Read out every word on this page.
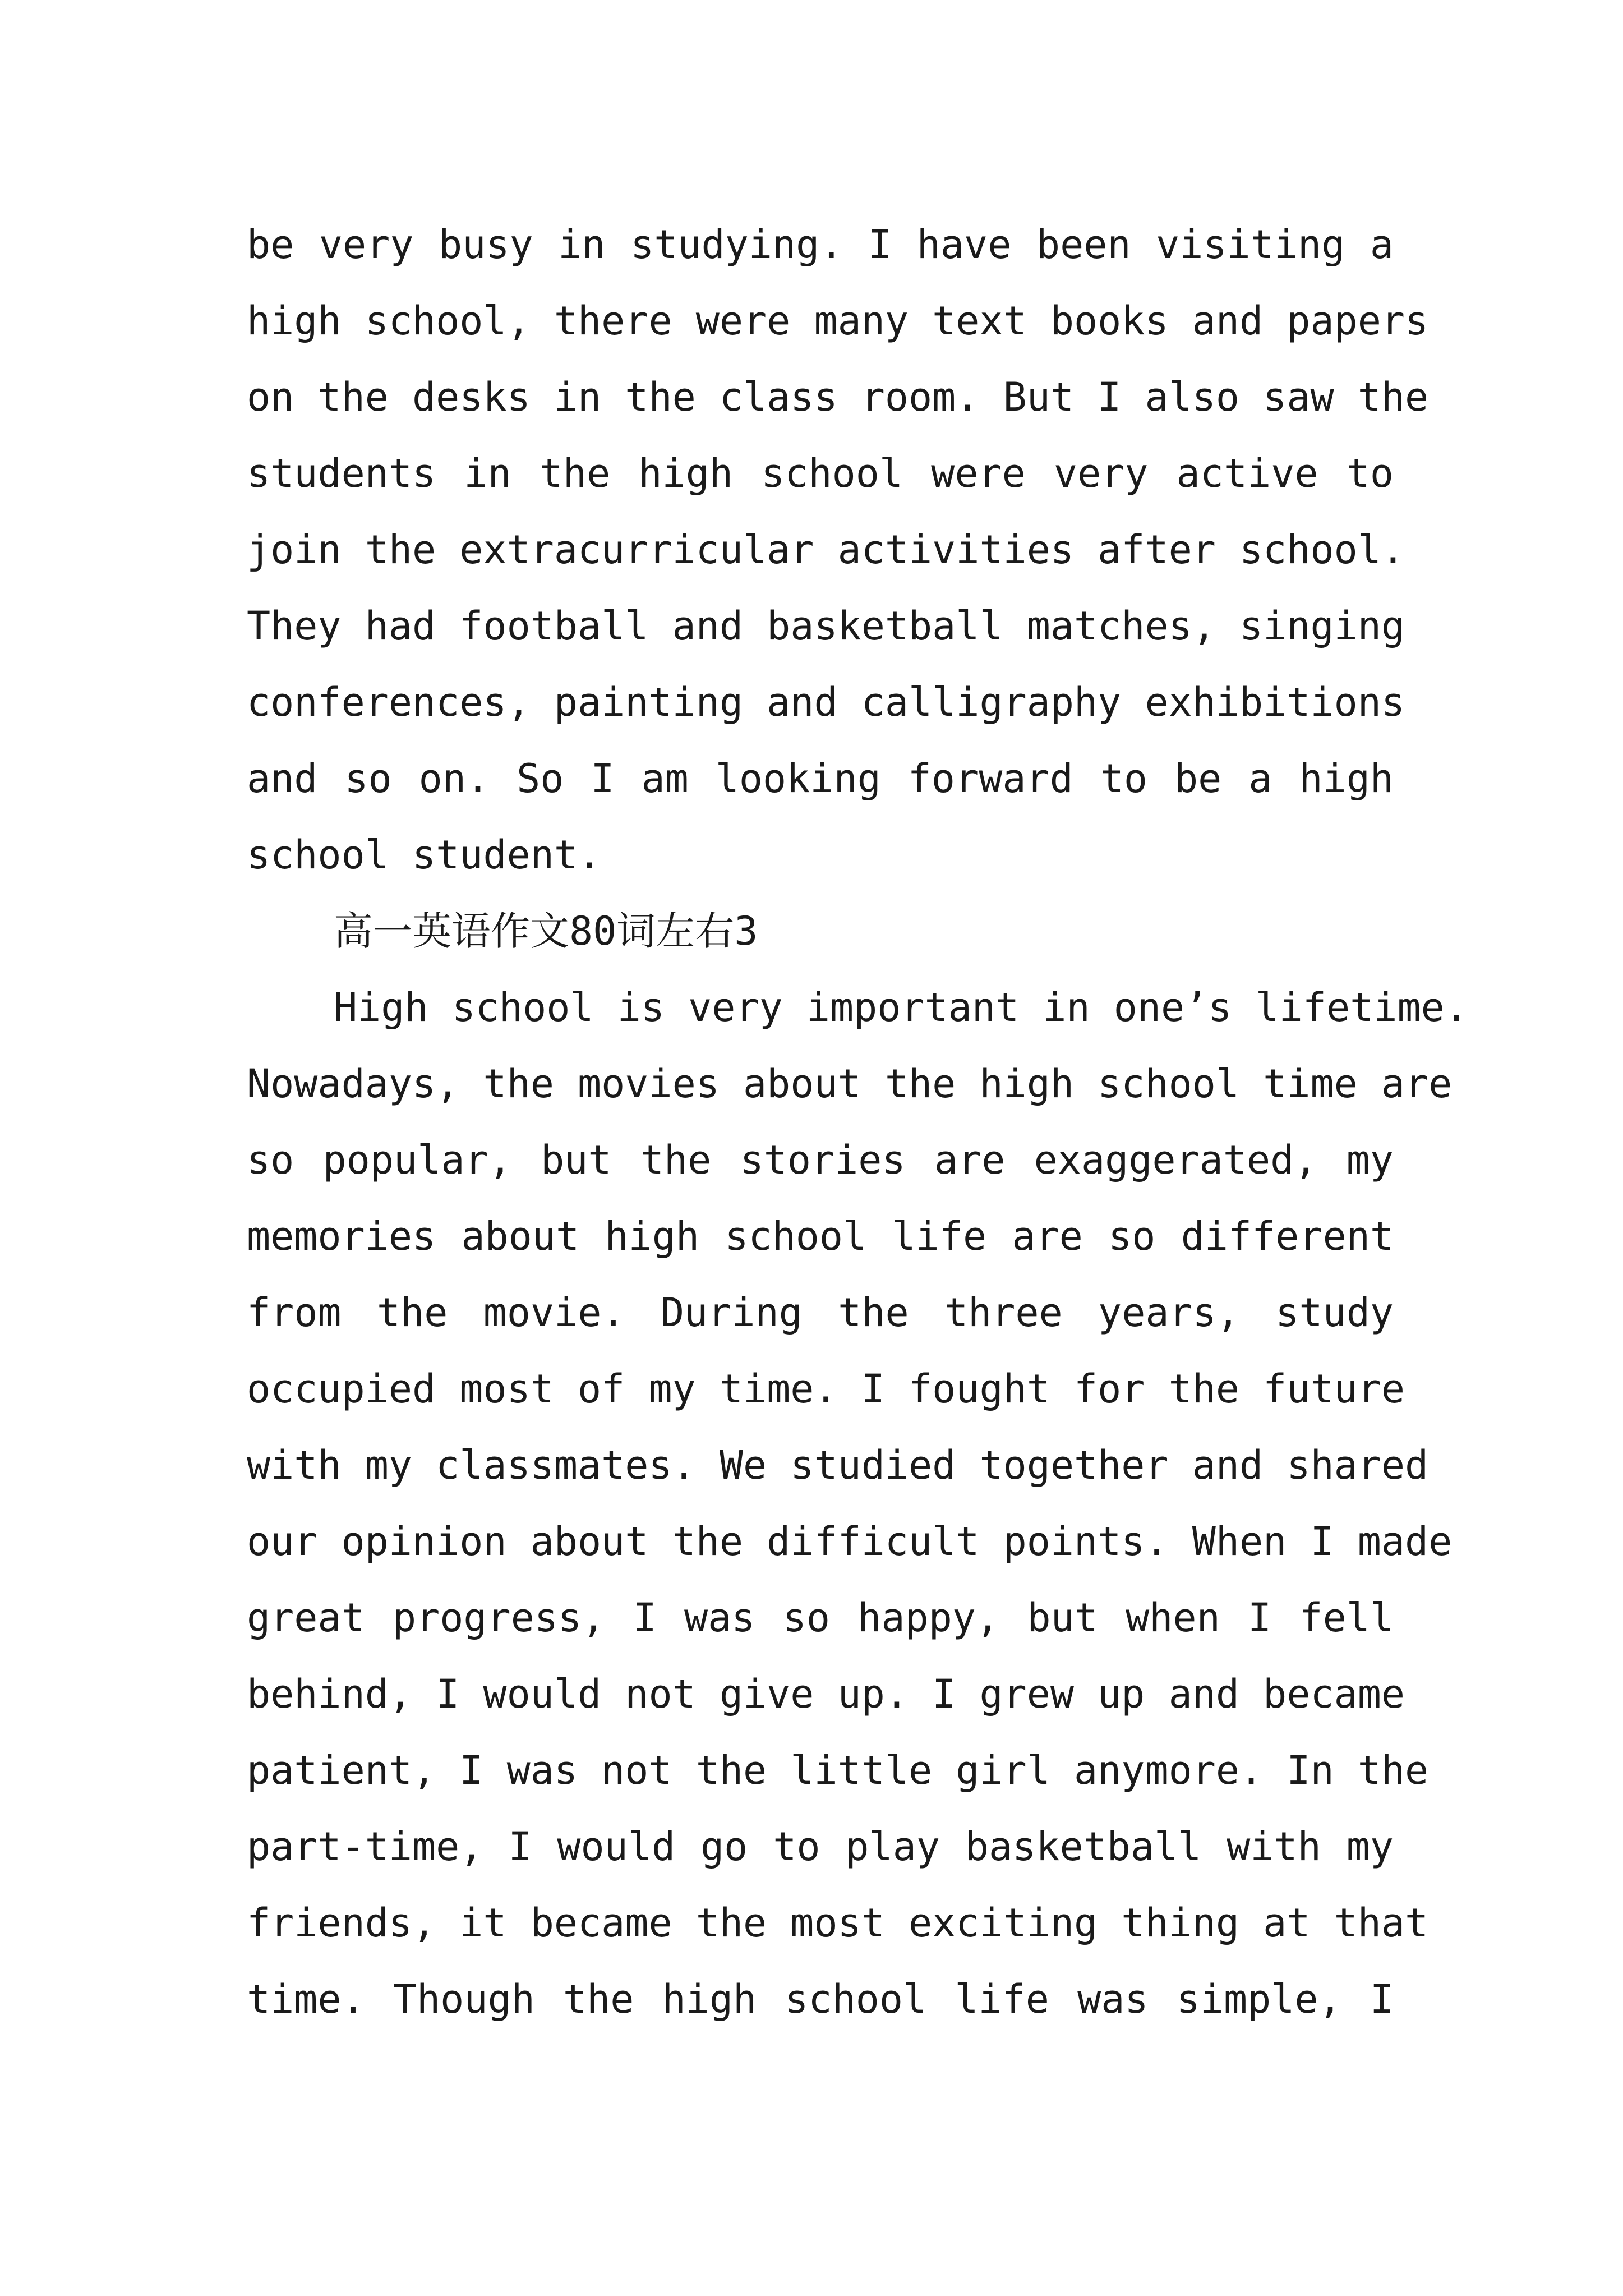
be very busy in studying. I have been visiting a
high school, there were many text books and papers
on the desks in the class room. But I also saw the
students in the high school were very active to
join the extracurricular activities after school.
They had football and basketball matches, singing
conferences, painting and calligraphy exhibitions
and so on. So I am looking forward to be a high
school student.
高一英语作文80词左右3
High school is very important in one’s lifetime.
Nowadays, the movies about the high school time are
so popular, but the stories are exaggerated, my
memories about high school life are so different
from the movie. During the three years, study
occupied most of my time. I fought for the future
with my classmates. We studied together and shared
our opinion about the difficult points. When I made
great progress, I was so happy, but when I fell
behind, I would not give up. I grew up and became
patient, I was not the little girl anymore. In the
part-time, I would go to play basketball with my
friends, it became the most exciting thing at that
time. Though the high school life was simple, I
